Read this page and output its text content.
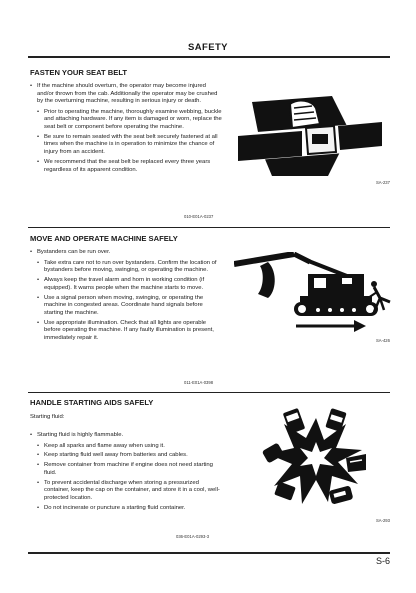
SAFETY
FASTEN YOUR SEAT BELT
• If the machine should overturn, the operator may become injured and/or thrown from the cab. Additionally the operator may be crushed by the overturning machine, resulting in serious injury or death.
• Prior to operating the machine, thoroughly examine webbing, buckle and attaching hardware. If any item is damaged or worn, replace the seat belt or component before operating the machine.
• Be sure to remain seated with the seat belt securely fastened at all times when the machine is in operation to minimize the chance of injury from an accident.
• We recommend that the seat belt be replaced every three years regardless of its apparent condition.
SA-237
010-E01A-0237
MOVE AND OPERATE MACHINE SAFELY
• Bystanders can be run over.
• Take extra care not to run over bystanders. Confirm the location of bystanders before moving, swinging, or operating the machine.
• Always keep the travel alarm and horn in working condition (if equipped). It warns people when the machine starts to move.
• Use a signal person when moving, swinging, or operating the machine in congested areas. Coordinate hand signals before starting the machine.
• Use appropriate illumination. Check that all lights are operable before operating the machine. If any faulty illumination is present, immediately repair it.	SA-426
011-E01A-0398
HANDLE STARTING AIDS SAFELY
Starting fluid:
• Starting fluid is highly flammable.
• Keep all sparks and flame away when using it.
• Keep starting fluid well away from batteries and cables.
• Remove container from machine if engine does not need starting fluid.
• To prevent accidental discharge when storing a pressurized container, keep the cap on the container, and store it in a cool, well-protected location.
• Do not incinerate or puncture a starting fluid container.
SA-293
036-E01A-0293-3
S-6
